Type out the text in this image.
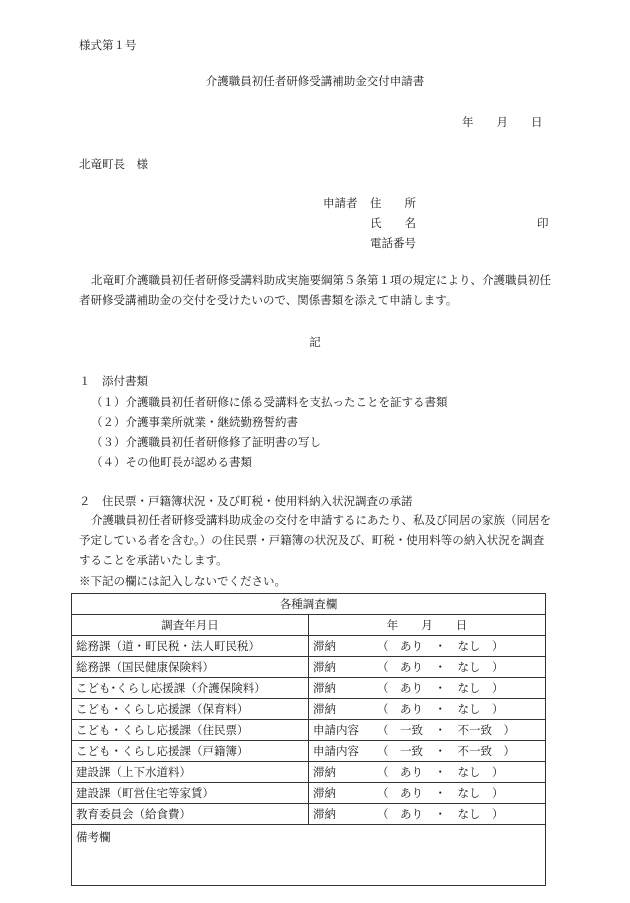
様式第１号
介護職員初任者研修受講補助金交付申請書
年　　月　　日
北竜町長　様
申請者 住　　所
氏　　名	印
電話番号
北竜町介護職員初任者研修受講料助成実施要綱第５条第１項の規定により、介護職員初任者研修受講補助金の交付を受けたいので、関係書類を添えて申請します。
記
１　添付書類
（１）介護職員初任者研修に係る受講料を支払ったことを証する書類
（２）介護事業所就業・継続勤務誓約書
（３）介護職員初任者研修修了証明書の写し
（４）その他町長が認める書類
２　住民票・戸籍簿状況・及び町税・使用料納入状況調査の承諾
介護職員初任者研修受講料助成金の交付を申請するにあたり、私及び同居の家族（同居を予定している者を含む。）の住民票・戸籍簿の状況及び、町税・使用料等の納入状況を調査することを承諾いたします。
※下記の欄には記入しないでください。
各種調査欄	
調査年月日	年　　月　　日
総務課（道・町民税・法人町民税）	滞納 （　あり　・　なし　）

総務課（国民健康保険料）	滞納 （　あり　・　なし　）

こども･くらし応援課（介護保険料）	滞納 （　あり　・　なし　）

こども・くらし応援課（保育料）	滞納 （　あり　・　なし　）

こども・くらし応援課（住民票）	申請内容 （　一致　・　不一致　）

こども・くらし応援課（戸籍簿）	申請内容 （　一致　・　不一致　）

建設課（上下水道料）	滞納 （　あり　・　なし　）

建設課（町営住宅等家賃）	滞納 （　あり　・　なし　）

教育委員会（給食費）	滞納 （　あり　・　なし　）

備考欄	
